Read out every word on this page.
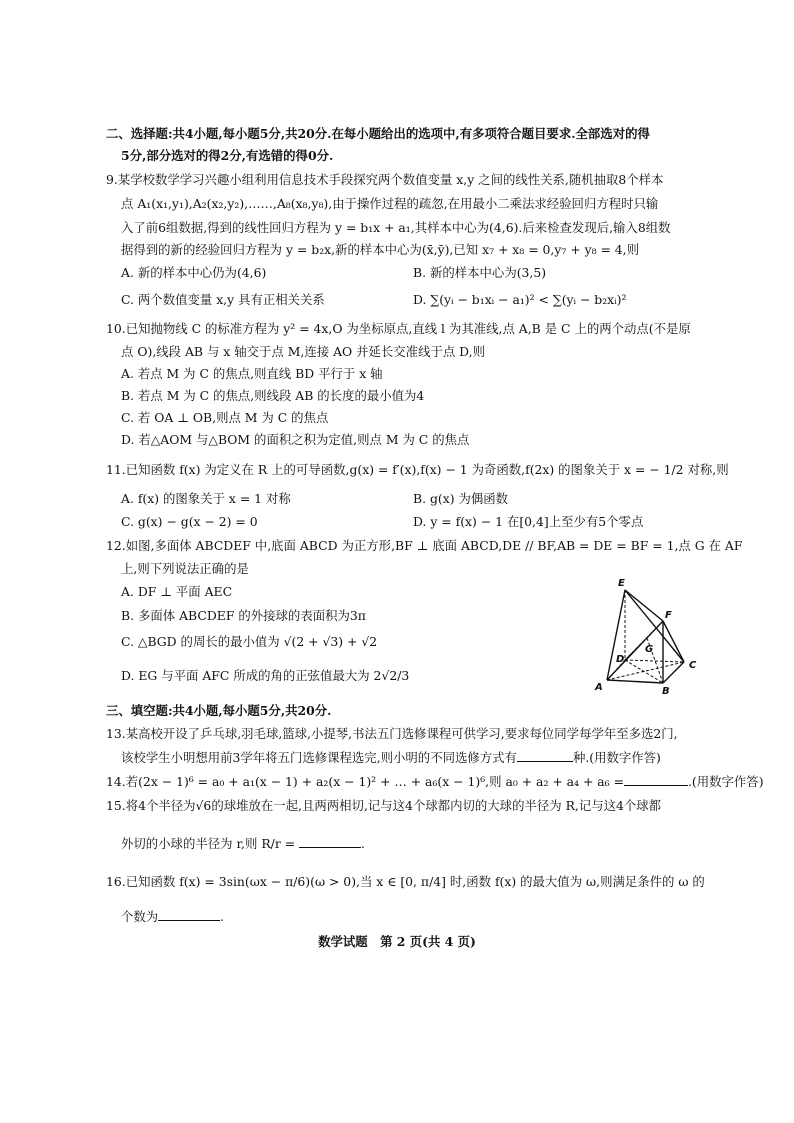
二、选择题:共4小题,每小题5分,共20分.在每小题给出的选项中,有多项符合题目要求.全部选对的得
5分,部分选对的得2分,有选错的得0分.
9.某学校数学学习兴趣小组利用信息技术手段探究两个数值变量 x,y 之间的线性关系,随机抽取8个样本
点 A₁(x₁,y₁),A₂(x₂,y₂),……,A₈(x₈,y₈),由于操作过程的疏忽,在用最小二乘法求经验回归方程时只输
入了前6组数据,得到的线性回归方程为 y = b₁x + a₁,其样本中心为(4,6).后来检查发现后,输入8组数
据得到的新的经验回归方程为 y = b₂x,新的样本中心为(x̄,ȳ),已知 x₇ + x₈ = 0,y₇ + y₈ = 4,则
A. 新的样本中心仍为(4,6)	B. 新的样本中心为(3,5)
C. 两个数值变量 x,y 具有正相关关系	D. ∑(yᵢ − b₁xᵢ − a₁)² < ∑(yᵢ − b₂xᵢ)²
10.已知抛物线 C 的标准方程为 y² = 4x,O 为坐标原点,直线 l 为其准线,点 A,B 是 C 上的两个动点(不是原
点 O),线段 AB 与 x 轴交于点 M,连接 AO 并延长交准线于点 D,则
A. 若点 M 为 C 的焦点,则直线 BD 平行于 x 轴
B. 若点 M 为 C 的焦点,则线段 AB 的长度的最小值为4
C. 若 OA ⊥ OB,则点 M 为 C 的焦点
D. 若△AOM 与△BOM 的面积之积为定值,则点 M 为 C 的焦点
11.已知函数 f(x) 为定义在 R 上的可导函数,g(x) = f′(x),f(x) − 1 为奇函数,f(2x) 的图象关于 x = − 1/2 对称,则
A. f(x) 的图象关于 x = 1 对称	B. g(x) 为偶函数
C. g(x) − g(x − 2) = 0	D. y = f(x) − 1 在[0,4]上至少有5个零点
12.如图,多面体 ABCDEF 中,底面 ABCD 为正方形,BF ⊥ 底面 ABCD,DE // BF,AB = DE = BF = 1,点 G 在 AF
上,则下列说法正确的是
A. DF ⊥ 平面 AEC
B. 多面体 ABCDEF 的外接球的表面积为3π
C. △BGD 的周长的最小值为 √(2 + √3) + √2
D. EG 与平面 AFC 所成的角的正弦值最大为 2√2/3
E
F
G
D
C
A	B
三、填空题:共4小题,每小题5分,共20分.
13.某高校开设了乒乓球,羽毛球,篮球,小提琴,书法五门选修课程可供学习,要求每位同学每学年至多选2门,
该校学生小明想用前3学年将五门选修课程选完,则小明的不同选修方式有	种.(用数字作答)
14.若(2x − 1)⁶ = a₀ + a₁(x − 1) + a₂(x − 1)² + … + a₆(x − 1)⁶,则 a₀ + a₂ + a₄ + a₆ =	.(用数字作答)
15.将4个半径为√6的球堆放在一起,且两两相切,记与这4个球都内切的大球的半径为 R,记与这4个球都
外切的小球的半径为 r,则 R/r =	.
16.已知函数 f(x) = 3sin(ωx − π/6)(ω > 0),当 x ∈ [0, π/4] 时,函数 f(x) 的最大值为 ω,则满足条件的 ω 的
个数为	.
数学试题　第 2 页(共 4 页)
